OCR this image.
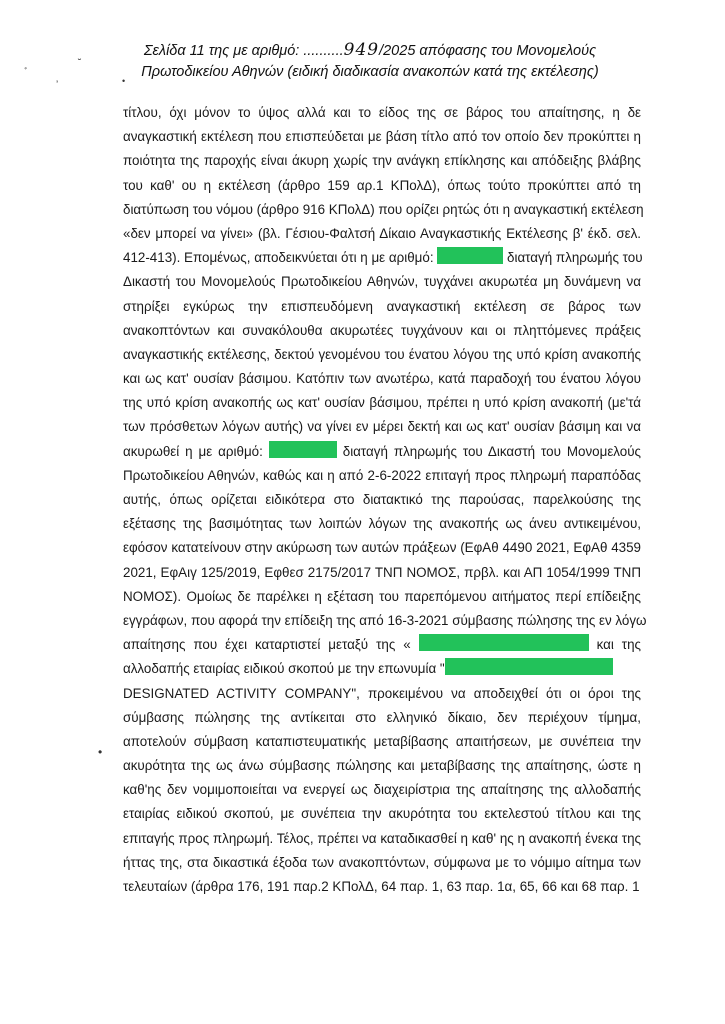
ﾞ
˘
ʼ
•
•
Σελίδα 11 της με αριθμό: ..........949/2025 απόφασης του Μονομελούς
Πρωτοδικείου Αθηνών (ειδική διαδικασία ανακοπών κατά της εκτέλεσης)
τίτλου, όχι μόνον το ύψος αλλά και το είδος της σε βάρος του απαίτησης, η δε
αναγκαστική εκτέλεση που επισπεύδεται με βάση τίτλο από τον οποίο δεν προκύπτει η
ποιότητα της παροχής είναι άκυρη χωρίς την ανάγκη επίκλησης και απόδειξης βλάβης
του καθ' ου η εκτέλεση (άρθρο 159 αρ.1 ΚΠολΔ), όπως τούτο προκύπτει από τη
διατύπωση του νόμου (άρθρο 916 ΚΠολΔ) που ορίζει ρητώς ότι η αναγκαστική εκτέλεση
«δεν μπορεί να γίνει» (βλ. Γέσιου-Φαλτσή Δίκαιο Αναγκαστικής Εκτέλεσης β' έκδ. σελ.
412-413). Επομένως, αποδεικνύεται ότι η με αριθμό:	διαταγή πληρωμής του
Δικαστή του Μονομελούς Πρωτοδικείου Αθηνών, τυγχάνει ακυρωτέα μη δυνάμενη να
στηρίξει εγκύρως την επισπευδόμενη αναγκαστική εκτέλεση σε βάρος των
ανακοπτόντων και συνακόλουθα ακυρωτέες τυγχάνουν και οι πληττόμενες πράξεις
αναγκαστικής εκτέλεσης, δεκτού γενομένου του ένατου λόγου της υπό κρίση ανακοπής
και ως κατ' ουσίαν βάσιμου. Κατόπιν των ανωτέρω, κατά παραδοχή του ένατου λόγου
της υπό κρίση ανακοπής ως κατ' ουσίαν βάσιμου, πρέπει η υπό κρίση ανακοπή (με'τά
των πρόσθετων λόγων αυτής) να γίνει εν μέρει δεκτή και ως κατ' ουσίαν βάσιμη και να
ακυρωθεί η με αριθμό:	διαταγή πληρωμής του Δικαστή του Μονομελούς
Πρωτοδικείου Αθηνών, καθώς και η από 2-6-2022 επιταγή προς πληρωμή παραπόδας
αυτής, όπως ορίζεται ειδικότερα στο διατακτικό της παρούσας, παρελκούσης της
εξέτασης της βασιμότητας των λοιπών λόγων της ανακοπής ως άνευ αντικειμένου,
εφόσον κατατείνουν στην ακύρωση των αυτών πράξεων (ΕφΑθ 4490 2021, ΕφΑθ 4359
2021, ΕφΑιγ 125/2019, Εφθεσ 2175/2017 ΤΝΠ ΝΟΜΟΣ, πρβλ. και ΑΠ 1054/1999 ΤΝΠ
ΝΟΜΟΣ). Ομοίως δε παρέλκει η εξέταση του παρεπόμενου αιτήματος περί επίδειξης
εγγράφων, που αφορά την επίδειξη της από 16-3-2021 σύμβασης πώλησης της εν λόγω
απαίτησης που έχει καταρτιστεί μεταξύ της «	και της
αλλοδαπής εταιρίας ειδικού σκοπού με την επωνυμία "
DESIGNATED ACTIVITY COMPANY", προκειμένου να αποδειχθεί ότι οι όροι της
σύμβασης πώλησης της αντίκειται στο ελληνικό δίκαιο, δεν περιέχουν τίμημα,
αποτελούν σύμβαση καταπιστευματικής μεταβίβασης απαιτήσεων, με συνέπεια την
ακυρότητα της ως άνω σύμβασης πώλησης και μεταβίβασης της απαίτησης, ώστε η
καθ'ης δεν νομιμοποιείται να ενεργεί ως διαχειρίστρια της απαίτησης της αλλοδαπής
εταιρίας ειδικού σκοπού, με συνέπεια την ακυρότητα του εκτελεστού τίτλου και της
επιταγής προς πληρωμή. Τέλος, πρέπει να καταδικασθεί η καθ' ης η ανακοπή ένεκα της
ήττας της, στα δικαστικά έξοδα των ανακοπτόντων, σύμφωνα με το νόμιμο αίτημα των
τελευταίων (άρθρα 176, 191 παρ.2 ΚΠολΔ, 64 παρ. 1, 63 παρ. 1α, 65, 66 και 68 παρ. 1
